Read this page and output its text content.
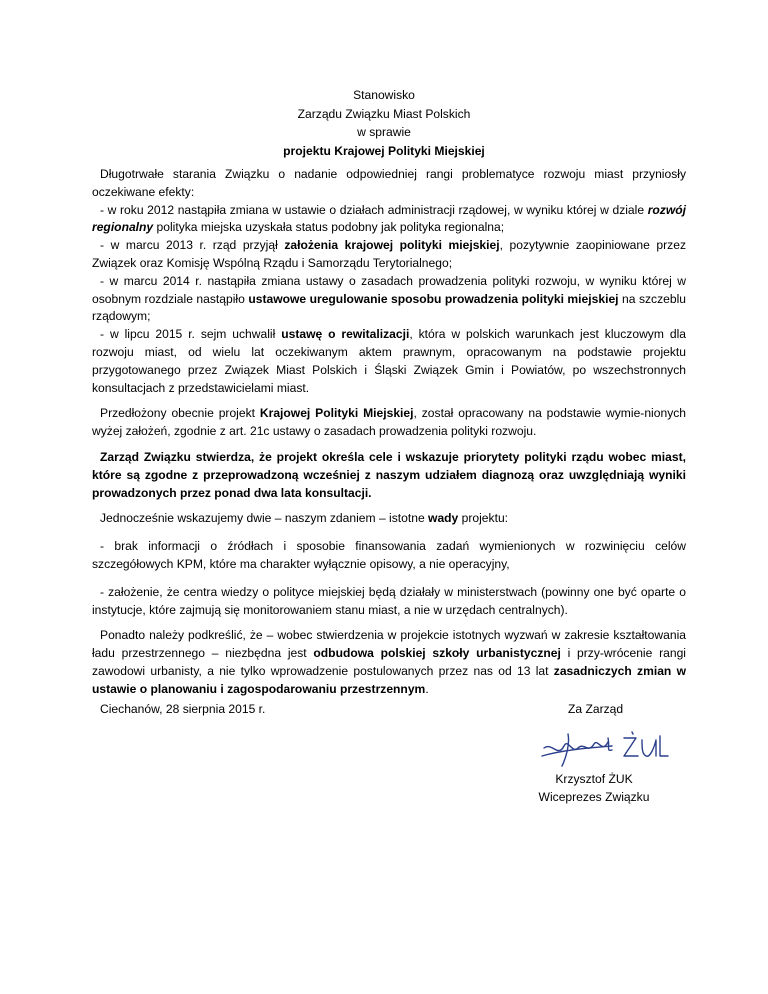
Stanowisko
Zarządu Związku Miast Polskich
w sprawie
projektu Krajowej Polityki Miejskiej

Długotrwałe starania Związku o nadanie odpowiedniej rangi problematyce rozwoju miast przyniosły oczekiwane efekty:

- w roku 2012 nastąpiła zmiana w ustawie o działach administracji rządowej, w wyniku której w dziale rozwój regionalny polityka miejska uzyskała status podobny jak polityka regionalna;

- w marcu 2013 r. rząd przyjął założenia krajowej polityki miejskiej, pozytywnie zaopiniowane przez Związek oraz Komisję Wspólną Rządu i Samorządu Terytorialnego;

- w marcu 2014 r. nastąpiła zmiana ustawy o zasadach prowadzenia polityki rozwoju, w wyniku której w osobnym rozdziale nastąpiło ustawowe uregulowanie sposobu prowadzenia polityki miejskiej na szczeblu rządowym;

- w lipcu 2015 r. sejm uchwalił ustawę o rewitalizacji, która w polskich warunkach jest kluczowym dla rozwoju miast, od wielu lat oczekiwanym aktem prawnym, opracowanym na podstawie projektu przygotowanego przez Związek Miast Polskich i Śląski Związek Gmin i Powiatów, po wszechstronnych konsultacjach z przedstawicielami miast.

Przedłożony obecnie projekt Krajowej Polityki Miejskiej, został opracowany na podstawie wymie-nionych wyżej założeń, zgodnie z art. 21c ustawy o zasadach prowadzenia polityki rozwoju.

Zarząd Związku stwierdza, że projekt określa cele i wskazuje priorytety polityki rządu wobec miast, które są zgodne z przeprowadzoną wcześniej z naszym udziałem diagnozą oraz uwzględniają wyniki prowadzonych przez ponad dwa lata konsultacji.

Jednocześnie wskazujemy dwie – naszym zdaniem – istotne wady projektu:

- brak informacji o źródłach i sposobie finansowania zadań wymienionych w rozwinięciu celów szczegółowych KPM, które ma charakter wyłącznie opisowy, a nie operacyjny,

- założenie, że centra wiedzy o polityce miejskiej będą działały w ministerstwach (powinny one być oparte o instytucje, które zajmują się monitorowaniem stanu miast, a nie w urzędach centralnych).

Ponadto należy podkreślić, że – wobec stwierdzenia w projekcie istotnych wyzwań w zakresie kształtowania ładu przestrzennego – niezbędna jest odbudowa polskiej szkoły urbanistycznej i przy-wrócenie rangi zawodowi urbanisty, a nie tylko wprowadzenie postulowanych przez nas od 13 lat zasadniczych zmian w ustawie o planowaniu i zagospodarowaniu przestrzennym.

Ciechanów, 28 sierpnia 2015 r.	Za Zarząd
Krzysztof ŻUK
Wiceprezes Związku
